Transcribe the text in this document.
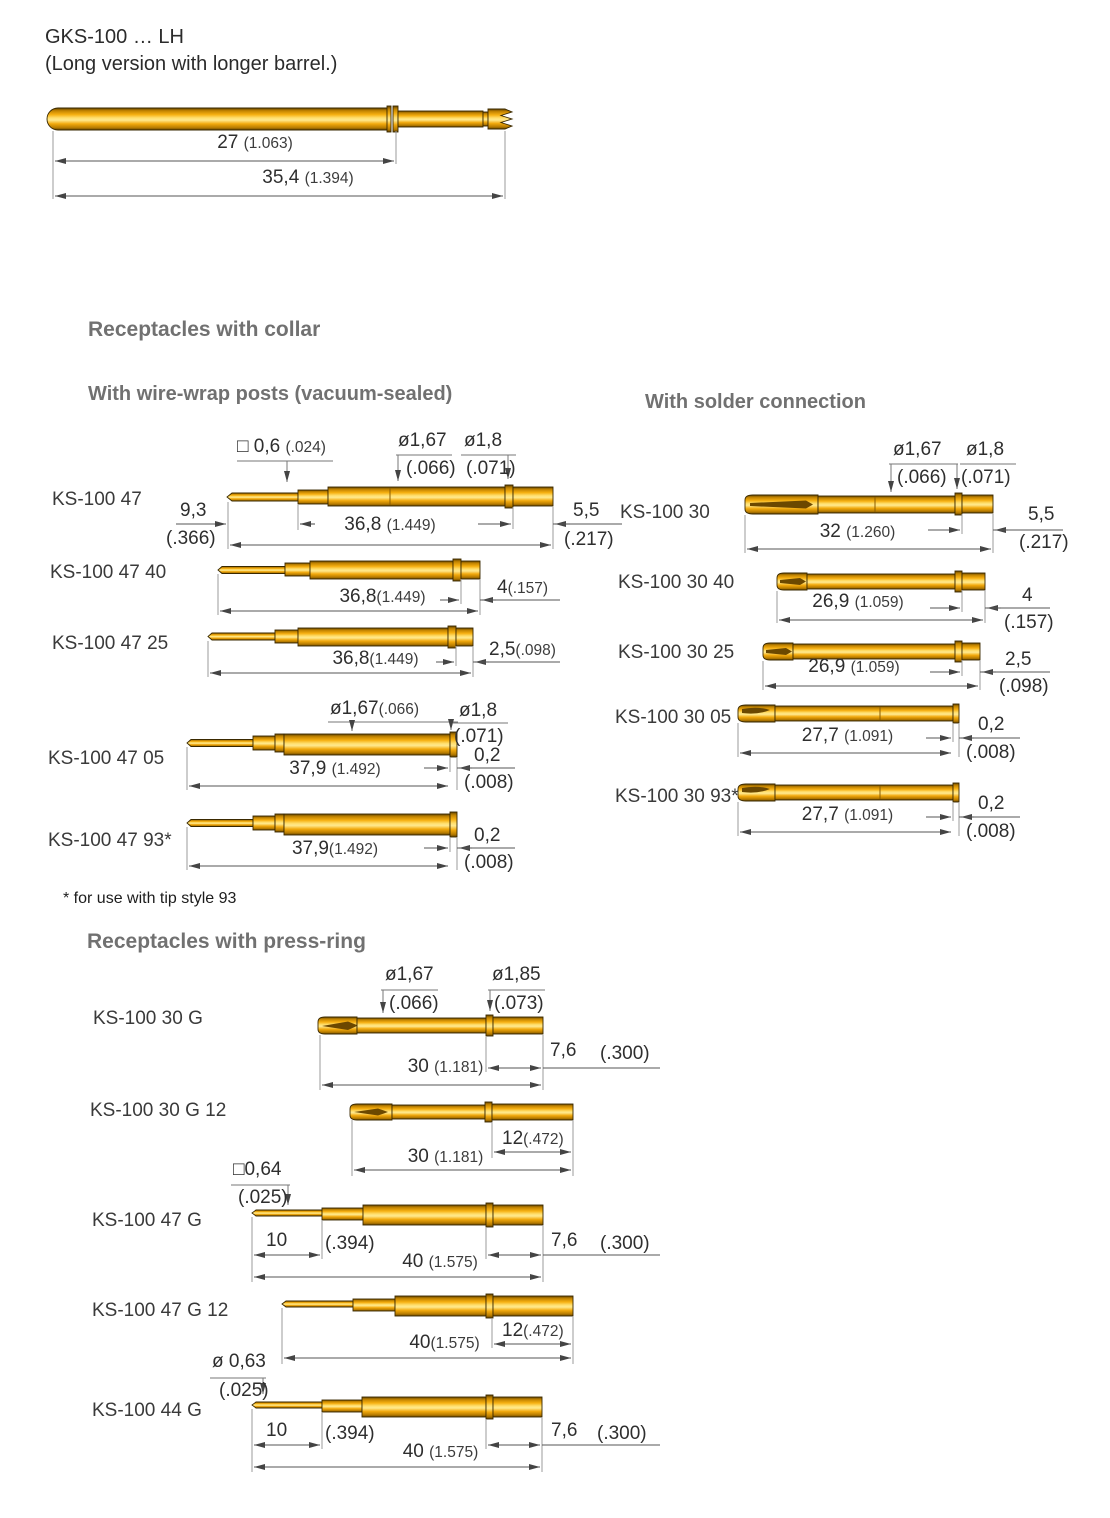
GKS-100 … LH
(Long version with longer barrel.)
27 (1.063)
35,4 (1.394)
Receptacles with collar
With wire-wrap posts (vacuum-sealed)	With solder connection
* for use with tip style 93
Receptacles with press-ring
KS-100 47
□ 0,6 (.024)	ø1,67
(.066)
ø1,8
(.071)
9,3
(.366)
36,8 (1.449)
5,5
(.217)
KS-100 47 40
36,8(1.449)	4(.157)
KS-100 47 25
36,8(1.449)	2,5(.098)
KS-100 47 05
ø1,67(.066) ø1,8
(.071)
37,9 (1.492)
0,2
(.008)
KS-100 47 93*	37,9(1.492)
0,2
(.008)
KS-100 30
ø1,67
(.066)
ø1,8
(.071)
32 (1.260)
5,5
(.217)
KS-100 30 40
26,9 (1.059)	4
(.157)
KS-100 30 25
26,9 (1.059)	2,5
(.098)
KS-100 30 05
27,7 (1.091)
0,2
(.008)
KS-100 30 93*
27,7 (1.091)
0,2
(.008)
KS-100 30 G
ø1,67
(.066)
ø1,85
(.073)
30 (1.181)
7,6 (.300)
KS-100 30 G 12
12(.472)
30 (1.181)
KS-100 47 G
□0,64
(.025)
10 (.394)
40 (1.575)
7,6 (.300)
KS-100 47 G 12
12(.472)
40(1.575)
KS-100 44 G
ø 0,63
(.025)
10 (.394)
40 (1.575)
7,6 (.300)
